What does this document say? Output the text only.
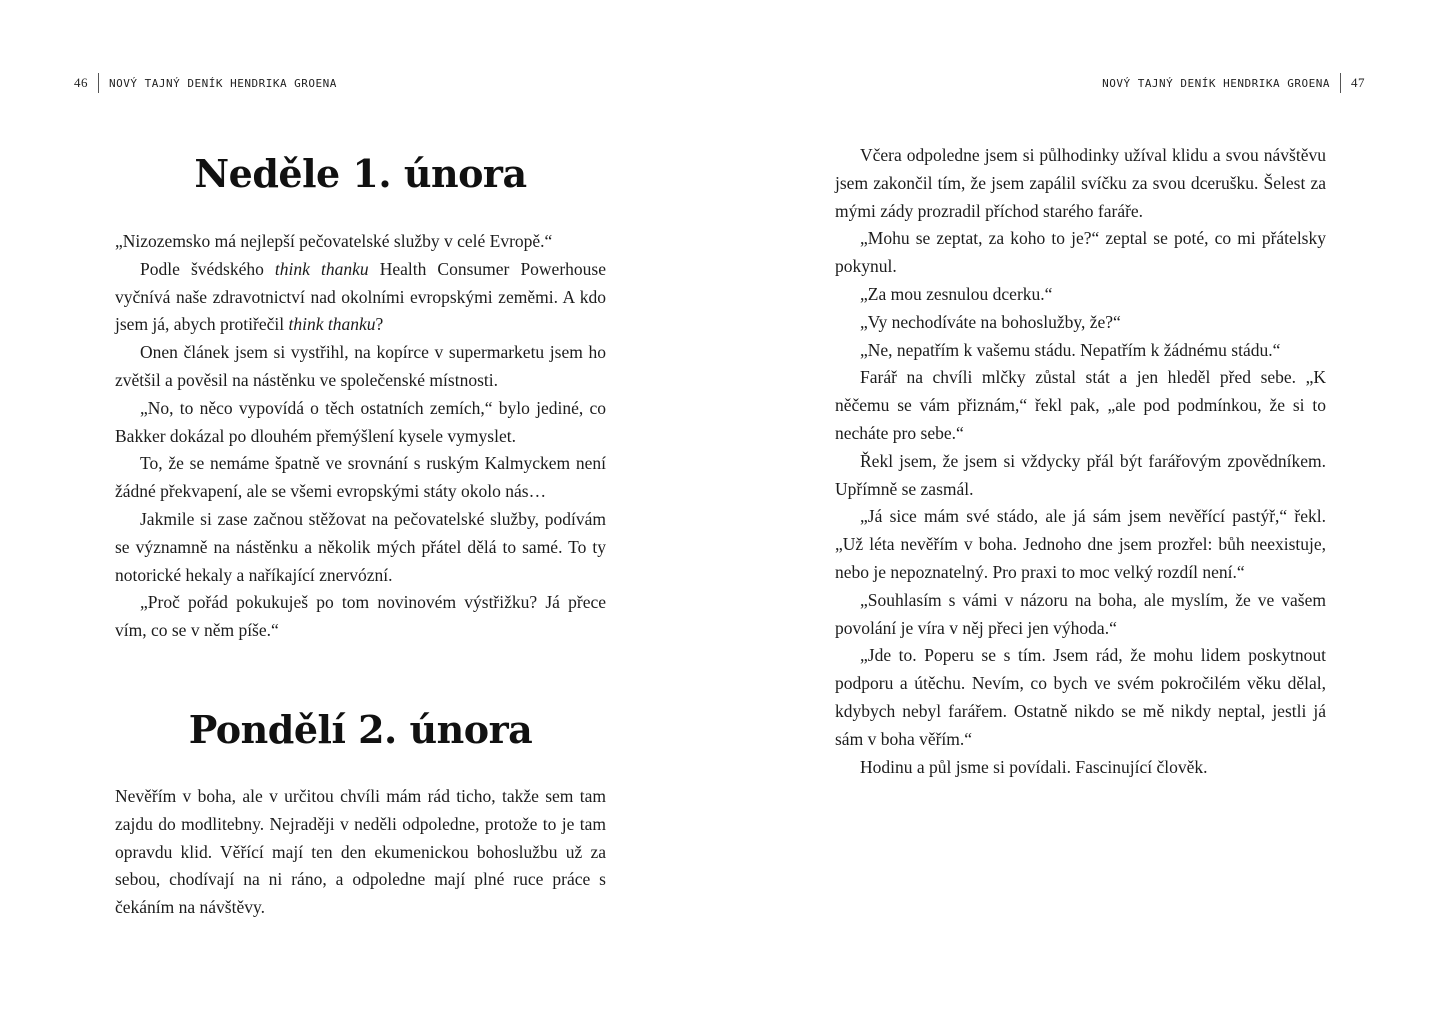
46 NOVÝ TAJNÝ DENÍK HENDRIKA GROENA
Neděle 1. února

„Nizozemsko má nejlepší pečovatelské služby v celé Evropě.“

Podle švédského think thanku Health Consumer Powerhouse vyčnívá naše zdravotnictví nad okolními evropskými zeměmi. A kdo jsem já, abych protiřečil think thanku?

Onen článek jsem si vystřihl, na kopírce v supermarketu jsem ho zvětšil a pověsil na nástěnku ve společenské místnosti.

„No, to něco vypovídá o těch ostatních zemích,“ bylo jediné, co Bakker dokázal po dlouhém přemýšlení kysele vymyslet.

To, že se nemáme špatně ve srovnání s ruským Kalmyckem není žádné překvapení, ale se všemi evropskými státy okolo nás…

Jakmile si zase začnou stěžovat na pečovatelské služby, podívám se významně na nástěnku a několik mých přátel dělá to samé. To ty notorické hekaly a naříkající znervózní.

„Proč pořád pokukuješ po tom novinovém výstřižku? Já přece vím, co se v něm píše.“

Pondělí 2. února

Nevěřím v boha, ale v určitou chvíli mám rád ticho, takže sem tam zajdu do modlitebny. Nejraději v neděli odpoledne, protože to je tam opravdu klid. Věřící mají ten den ekumenickou bohoslužbu už za sebou, chodívají na ni ráno, a odpoledne mají plné ruce práce s čekáním na návštěvy.

NOVÝ TAJNÝ DENÍK HENDRIKA GROENA 47

Včera odpoledne jsem si půlhodinky užíval klidu a svou návštěvu jsem zakončil tím, že jsem zapálil svíčku za svou dcerušku. Šelest za mými zády prozradil příchod starého faráře.

„Mohu se zeptat, za koho to je?“ zeptal se poté, co mi přátelsky pokynul.

„Za mou zesnulou dcerku.“

„Vy nechodíváte na bohoslužby, že?“

„Ne, nepatřím k vašemu stádu. Nepatřím k žádnému stádu.“

Farář na chvíli mlčky zůstal stát a jen hleděl před sebe. „K něčemu se vám přiznám,“ řekl pak, „ale pod podmínkou, že si to necháte pro sebe.“

Řekl jsem, že jsem si vždycky přál být farářovým zpovědníkem. Upřímně se zasmál.

„Já sice mám své stádo, ale já sám jsem nevěřící pastýř,“ řekl. „Už léta nevěřím v boha. Jednoho dne jsem prozřel: bůh neexistuje, nebo je nepoznatelný. Pro praxi to moc velký rozdíl není.“

„Souhlasím s vámi v názoru na boha, ale myslím, že ve vašem povolání je víra v něj přeci jen výhoda.“

„Jde to. Poperu se s tím. Jsem rád, že mohu lidem poskytnout podporu a útěchu. Nevím, co bych ve svém pokročilém věku dělal, kdybych nebyl farářem. Ostatně nikdo se mě nikdy neptal, jestli já sám v boha věřím.“

Hodinu a půl jsme si povídali. Fascinující člověk.
